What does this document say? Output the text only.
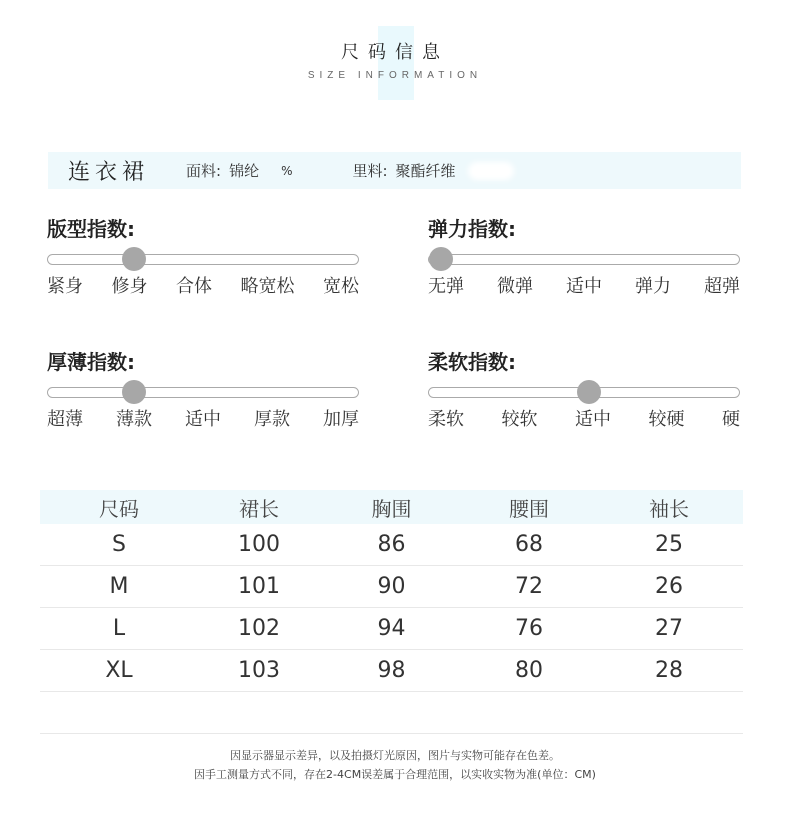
尺码信息
SIZE INFORMATION
连衣裙	面料: 锦纶 %	里料: 聚酯纤维
版型指数:
紧身 修身 合体 略宽松 宽松
弹力指数:
无弹 微弹 适中 弹力 超弹
厚薄指数:
超薄 薄款 适中 厚款 加厚
柔软指数:
柔软 较软 适中 较硬 硬
尺码	裙长	胸围	腰围	袖长
S	100	86	68	25
M	101	90	72	26
L	102	94	76	27
XL	103	98	80	28
因显示器显示差异，以及拍摄灯光原因，图片与实物可能存在色差。
因手工测量方式不同，存在2-4CM误差属于合理范围，以实收实物为准(单位：CM)
